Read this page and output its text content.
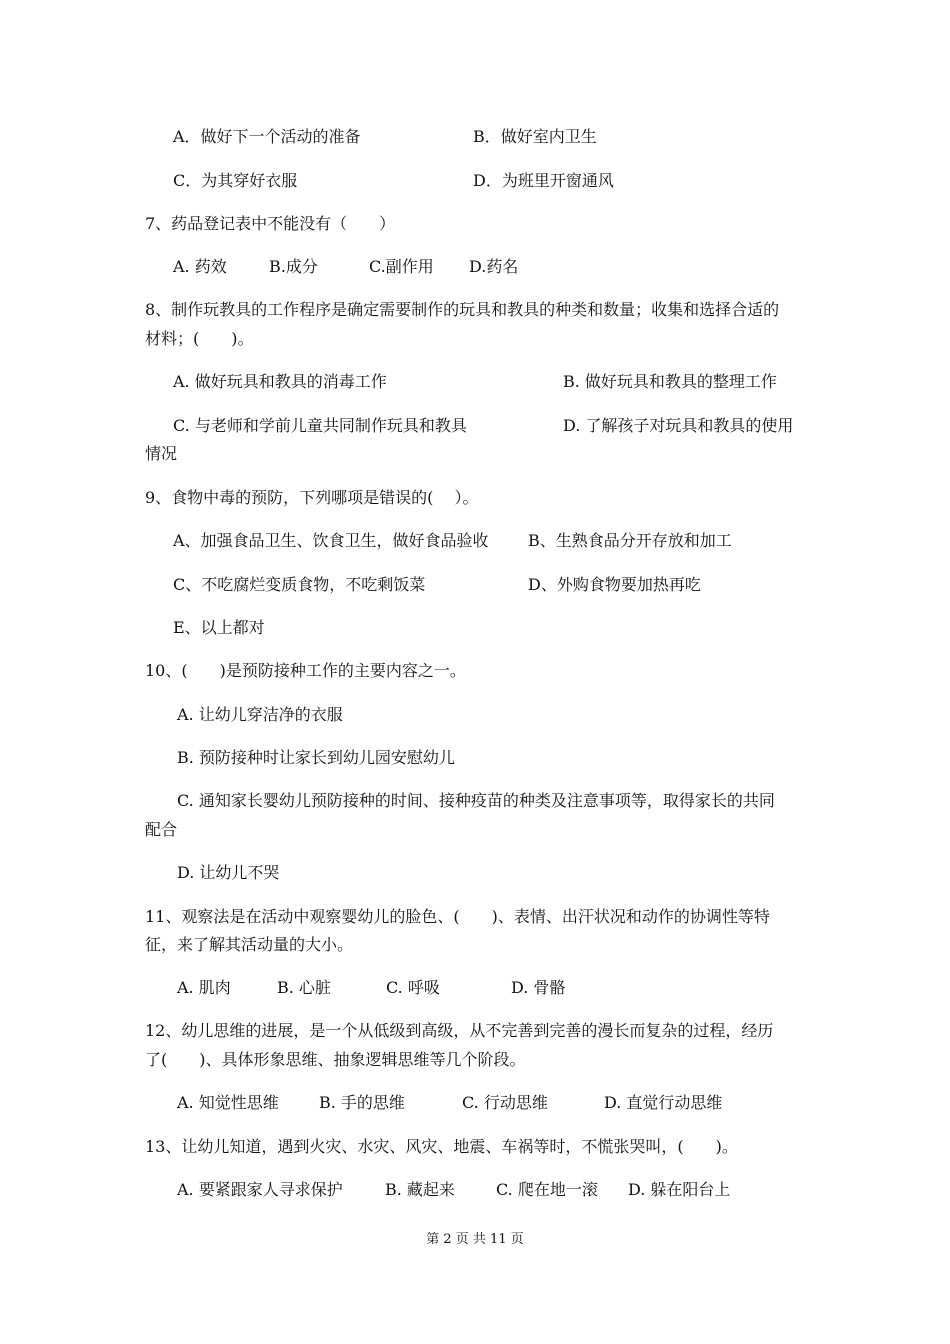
A．做好下一个活动的准备	B．做好室内卫生
C．为其穿好衣服	D．为班里开窗通风
7、药品登记表中不能没有（　　）
A. 药效	B.成分	C.副作用 D.药名
8、制作玩教具的工作程序是确定需要制作的玩具和教具的种类和数量；收集和选择合适的
材料；(　　)。
A. 做好玩具和教具的消毒工作	B. 做好玩具和教具的整理工作
C. 与老师和学前儿童共同制作玩具和教具	D. 了解孩子对玩具和教具的使用
情况
9、食物中毒的预防，下列哪项是错误的(　 ）。
A、加强食品卫生、饮食卫生，做好食品验收 B、生熟食品分开存放和加工
C、不吃腐烂变质食物，不吃剩饭菜	D、外购食物要加热再吃
E、以上都对
10、(　　)是预防接种工作的主要内容之一。
A. 让幼儿穿洁净的衣服
B. 预防接种时让家长到幼儿园安慰幼儿
C. 通知家长婴幼儿预防接种的时间、接种疫苗的种类及注意事项等，取得家长的共同
配合
D. 让幼儿不哭
11、观察法是在活动中观察婴幼儿的脸色、(　　)、表情、出汗状况和动作的协调性等特
征，来了解其活动量的大小。
A. 肌肉	B. 心脏	C. 呼吸	D. 骨骼
12、幼儿思维的进展，是一个从低级到高级，从不完善到完善的漫长而复杂的过程，经历
了(　　)、具体形象思维、抽象逻辑思维等几个阶段。
A. 知觉性思维	B. 手的思维	C. 行动思维	D. 直觉行动思维
13、让幼儿知道，遇到火灾、水灾、风灾、地震、车祸等时，不慌张哭叫，(　　)。
A. 要紧跟家人寻求保护	B. 藏起来	C. 爬在地一滚 D. 躲在阳台上
第 2 页 共 11 页
